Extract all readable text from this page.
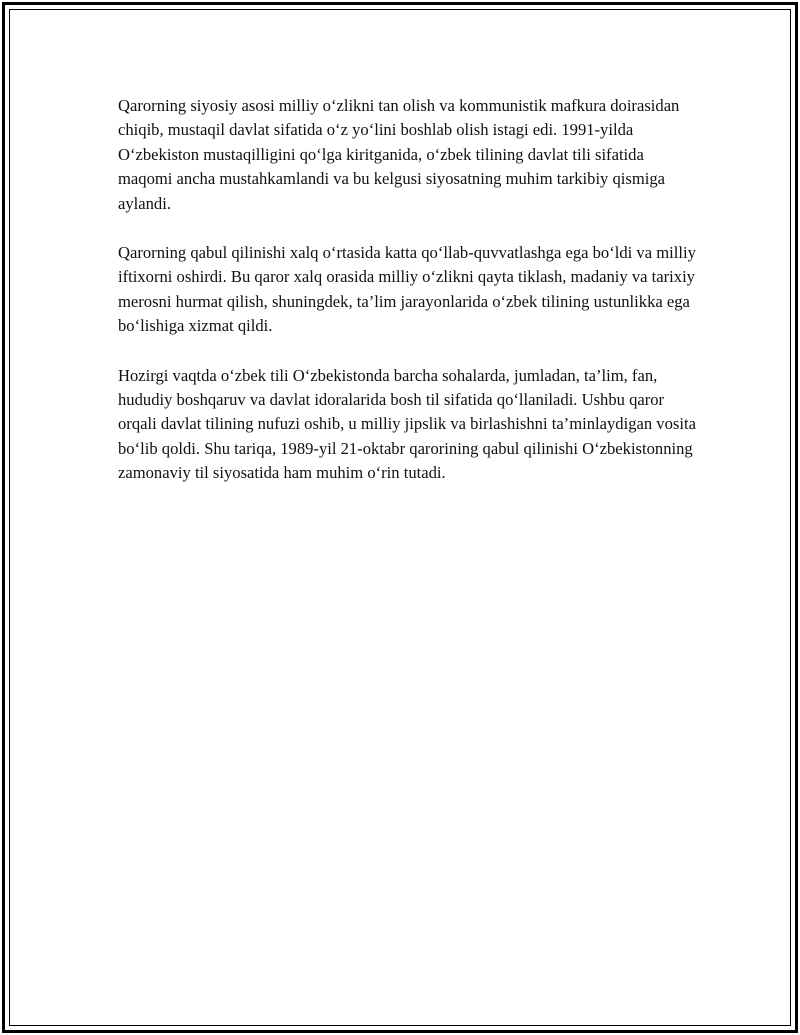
Qarorning siyosiy asosi milliy o‘zlikni tan olish va kommunistik mafkura doirasidan chiqib, mustaqil davlat sifatida o‘z yo‘lini boshlab olish istagi edi. 1991-yilda O‘zbekiston mustaqilligini qo‘lga kiritganida, o‘zbek tilining davlat tili sifatida maqomi ancha mustahkamlandi va bu kelgusi siyosatning muhim tarkibiy qismiga aylandi.

Qarorning qabul qilinishi xalq o‘rtasida katta qo‘llab-quvvatlashga ega bo‘ldi va milliy iftixorni oshirdi. Bu qaror xalq orasida milliy o‘zlikni qayta tiklash, madaniy va tarixiy merosni hurmat qilish, shuningdek, ta’lim jarayonlarida o‘zbek tilining ustunlikka ega bo‘lishiga xizmat qildi.

Hozirgi vaqtda o‘zbek tili O‘zbekistonda barcha sohalarda, jumladan, ta’lim, fan, hududiy boshqaruv va davlat idoralarida bosh til sifatida qo‘llaniladi. Ushbu qaror orqali davlat tilining nufuzi oshib, u milliy jipslik va birlashishni ta’minlaydigan vosita bo‘lib qoldi. Shu tariqa, 1989-yil 21-oktabr qarorining qabul qilinishi O‘zbekistonning zamonaviy til siyosatida ham muhim o‘rin tutadi.
